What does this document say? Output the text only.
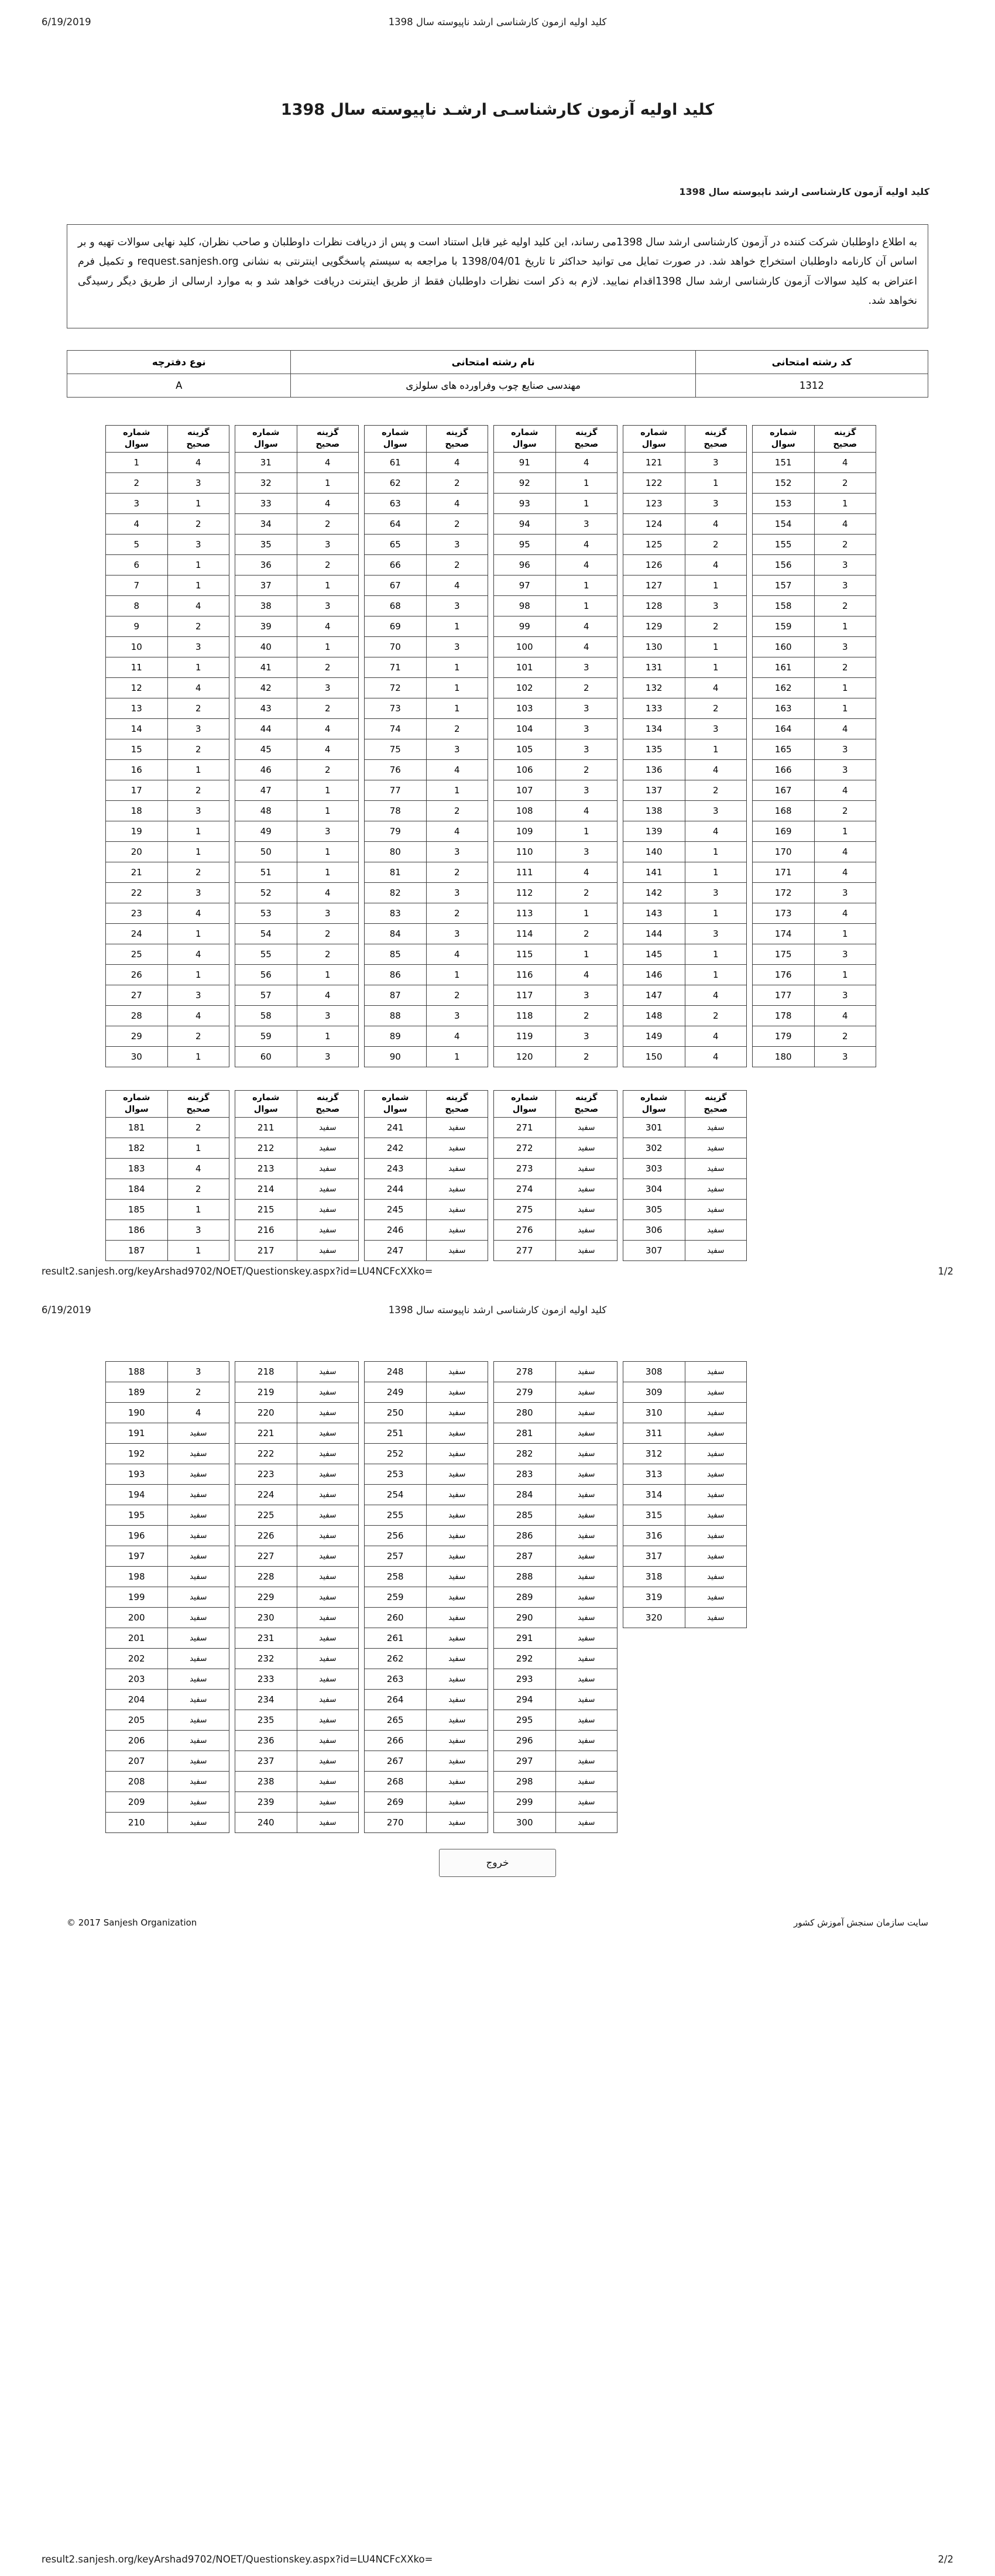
6/19/2019	کلید اولیه ازمون کارشناسی ارشد ناپیوسته سال 1398
کلید اولیه آزمون کارشناسـی ارشـد ناپیوسته سال 1398
کلید اولیه آزمون کارشناسی ارشد ناپیوسته سال 1398

به اطلاع داوطلبان شرکت کننده در آزمون کارشناسی ارشد سال 1398می رساند، این کلید اولیه غیر قابل استناد است و پس از دریافت نظرات داوطلبان و صاحب نظران، کلید نهایی سوالات تهیه و بر اساس آن کارنامه داوطلبان استخراج خواهد شد. در صورت تمایل می توانید حداکثر تا تاریخ 1398/04/01 با مراجعه به سیستم پاسخگویی اینترنتی به نشانی request.sanjesh.org و تکمیل فرم اعتراض به کلید سوالات آزمون کارشناسی ارشد سال 1398اقدام نمایید. لازم به ذکر است نظرات داوطلبان فقط از طریق اینترنت دریافت خواهد شد و به موارد ارسالی از طریق دیگر رسیدگی نخواهد شد.

کد رشته امتحانی	نام رشته امتحانی	نوع دفترچه
1312	مهندسی صنایع چوب وفراورده های سلولزی	A
شماره
سوال	گزینه
صحیح
1	4
2	3
3	1
4	2
5	3
6	1
7	1
8	4
9	2
10	3
11	1
12	4
13	2
14	3
15	2
16	1
17	2
18	3
19	1
20	1
21	2
22	3
23	4
24	1
25	4
26	1
27	3
28	4
29	2
30	1
شماره
سوال	گزینه
صحیح
31	4
32	1
33	4
34	2
35	3
36	2
37	1
38	3
39	4
40	1
41	2
42	3
43	2
44	4
45	4
46	2
47	1
48	1
49	3
50	1
51	1
52	4
53	3
54	2
55	2
56	1
57	4
58	3
59	1
60	3
شماره
سوال	گزینه
صحیح
61	4
62	2
63	4
64	2
65	3
66	2
67	4
68	3
69	1
70	3
71	1
72	1
73	1
74	2
75	3
76	4
77	1
78	2
79	4
80	3
81	2
82	3
83	2
84	3
85	4
86	1
87	2
88	3
89	4
90	1
شماره
سوال	گزینه
صحیح
91	4
92	1
93	1
94	3
95	4
96	4
97	1
98	1
99	4
100	4
101	3
102	2
103	3
104	3
105	3
106	2
107	3
108	4
109	1
110	3
111	4
112	2
113	1
114	2
115	1
116	4
117	3
118	2
119	3
120	2
شماره
سوال	گزینه
صحیح
121	3
122	1
123	3
124	4
125	2
126	4
127	1
128	3
129	2
130	1
131	1
132	4
133	2
134	3
135	1
136	4
137	2
138	3
139	4
140	1
141	1
142	3
143	1
144	3
145	1
146	1
147	4
148	2
149	4
150	4
شماره
سوال	گزینه
صحیح
151	4
152	2
153	1
154	4
155	2
156	3
157	3
158	2
159	1
160	3
161	2
162	1
163	1
164	4
165	3
166	3
167	4
168	2
169	1
170	4
171	4
172	3
173	4
174	1
175	3
176	1
177	3
178	4
179	2
180	3
شماره
سوال	گزینه
صحیح
181	2
182	1
183	4
184	2
185	1
186	3
187	1
شماره
سوال	گزینه
صحیح
211	سفید
212	سفید
213	سفید
214	سفید
215	سفید
216	سفید
217	سفید
شماره
سوال	گزینه
صحیح
241	سفید
242	سفید
243	سفید
244	سفید
245	سفید
246	سفید
247	سفید
شماره
سوال	گزینه
صحیح
271	سفید
272	سفید
273	سفید
274	سفید
275	سفید
276	سفید
277	سفید
شماره
سوال	گزینه
صحیح
301	سفید
302	سفید
303	سفید
304	سفید
305	سفید
306	سفید
307	سفید
result2.sanjesh.org/keyArshad9702/NOET/Questionskey.aspx?id=LU4NCFcXXko=	1/2
6/19/2019	کلید اولیه ازمون کارشناسی ارشد ناپیوسته سال 1398
188	3
189	2
190	4
191	سفید
192	سفید
193	سفید
194	سفید
195	سفید
196	سفید
197	سفید
198	سفید
199	سفید
200	سفید
201	سفید
202	سفید
203	سفید
204	سفید
205	سفید
206	سفید
207	سفید
208	سفید
209	سفید
210	سفید
218	سفید
219	سفید
220	سفید
221	سفید
222	سفید
223	سفید
224	سفید
225	سفید
226	سفید
227	سفید
228	سفید
229	سفید
230	سفید
231	سفید
232	سفید
233	سفید
234	سفید
235	سفید
236	سفید
237	سفید
238	سفید
239	سفید
240	سفید
248	سفید
249	سفید
250	سفید
251	سفید
252	سفید
253	سفید
254	سفید
255	سفید
256	سفید
257	سفید
258	سفید
259	سفید
260	سفید
261	سفید
262	سفید
263	سفید
264	سفید
265	سفید
266	سفید
267	سفید
268	سفید
269	سفید
270	سفید
278	سفید
279	سفید
280	سفید
281	سفید
282	سفید
283	سفید
284	سفید
285	سفید
286	سفید
287	سفید
288	سفید
289	سفید
290	سفید
291	سفید
292	سفید
293	سفید
294	سفید
295	سفید
296	سفید
297	سفید
298	سفید
299	سفید
300	سفید
308	سفید
309	سفید
310	سفید
311	سفید
312	سفید
313	سفید
314	سفید
315	سفید
316	سفید
317	سفید
318	سفید
319	سفید
320	سفید
خروج
© 2017 Sanjesh Organization	سایت سازمان سنجش آموزش کشور
result2.sanjesh.org/keyArshad9702/NOET/Questionskey.aspx?id=LU4NCFcXXko=	2/2
